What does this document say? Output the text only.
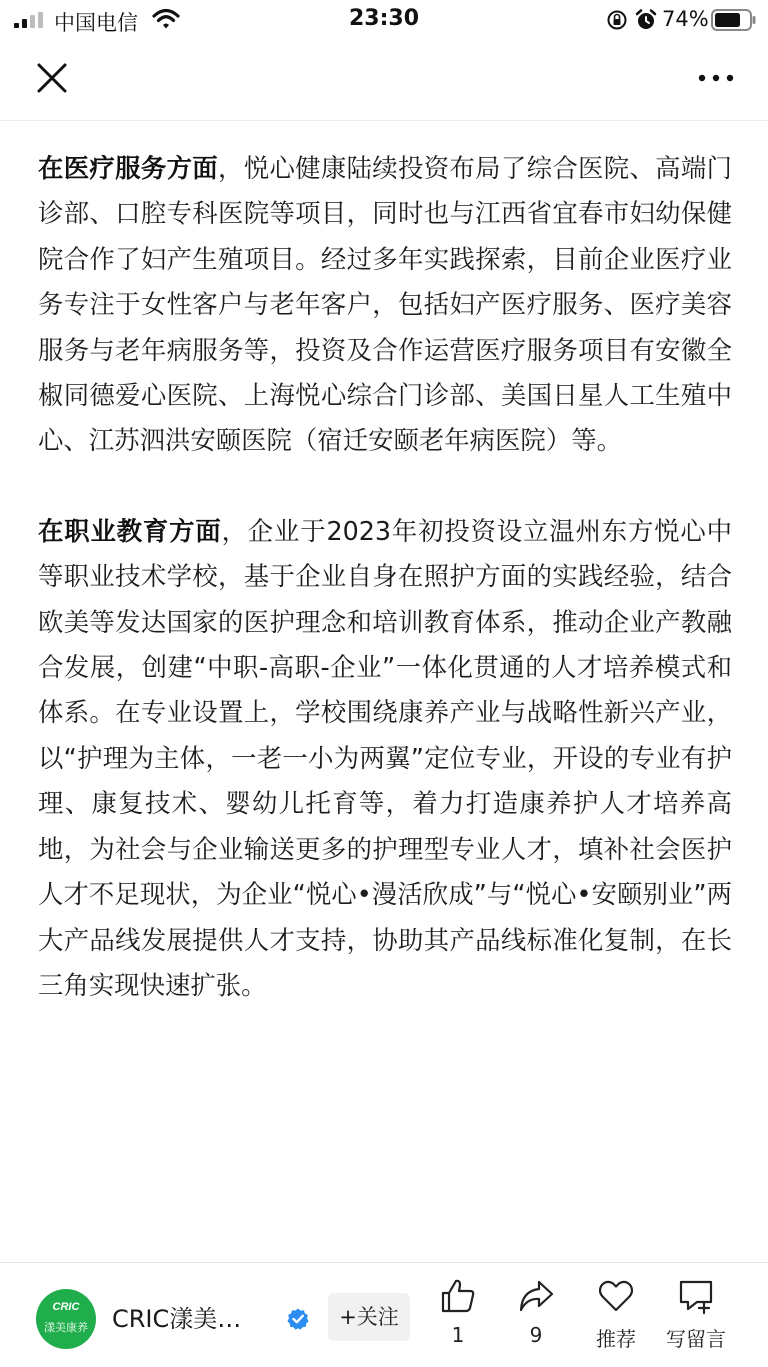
中国电信	23:30	74%

在医疗服务方面，悦心健康陆续投资布局了综合医院、高端门诊部、口腔专科医院等项目，同时也与江西省宜春市妇幼保健院合作了妇产生殖项目。经过多年实践探索，目前企业医疗业务专注于女性客户与老年客户，包括妇产医疗服务、医疗美容服务与老年病服务等，投资及合作运营医疗服务项目有安徽全椒同德爱心医院、上海悦心综合门诊部、美国日星人工生殖中心、江苏泗洪安颐医院（宿迁安颐老年病医院）等。

在职业教育方面，企业于2023年初投资设立温州东方悦心中等职业技术学校，基于企业自身在照护方面的实践经验，结合欧美等发达国家的医护理念和培训教育体系，推动企业产教融合发展，创建“中职-高职-企业”一体化贯通的人才培养模式和体系。在专业设置上，学校围绕康养产业与战略性新兴产业，以“护理为主体，一老一小为两翼”定位专业，开设的专业有护理、康复技术、婴幼儿托育等，着力打造康养护人才培养高地，为社会与企业输送更多的护理型专业人才，填补社会医护人才不足现状，为企业“悦心•漫活欣成”与“悦心•安颐别业”两大产品线发展提供人才支持，协助其产品线标准化复制，在长三角实现快速扩张。

CRIC
漾美康养	CRIC漾美…	+关注
1	9	推荐	写留言
